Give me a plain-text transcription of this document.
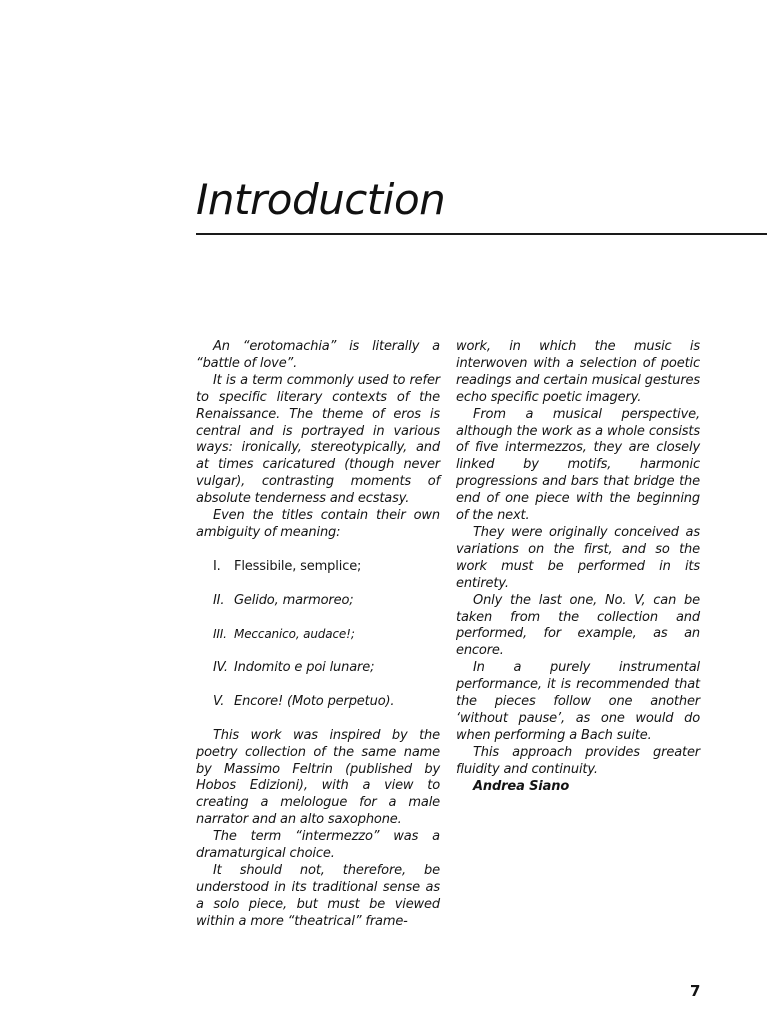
Introduction

An “erotomachia” is literally a “battle of love”.

It is a term commonly used to refer to specific literary contexts of the Renaissance. The theme of eros is central and is portrayed in various ways: ironically, stereotypically, and at times caricatured (though never vulgar), contrasting moments of absolute tenderness and ecstasy.

Even the titles contain their own ambiguity of meaning:

I.	Flessibile, semplice;
II. Gelido, marmoreo;
III. Meccanico, audace!;
IV. Indomito e poi lunare;
V. Encore! (Moto perpetuo).

This work was inspired by the poetry collection of the same name by Massimo Feltrin (published by Hobos Edizioni), with a view to creating a melologue for a male narrator and an alto saxophone.

The term “intermezzo” was a dramaturgical choice.

It should not, therefore, be understood in its traditional sense as a solo piece, but must be viewed within a more “theatrical” frame-

work, in which the music is interwoven with a selection of poetic readings and certain musical gestures echo specific poetic imagery.

From a musical perspective, although the work as a whole consists of five intermezzos, they are closely linked by motifs, harmonic progressions and bars that bridge the end of one piece with the beginning of the next.

They were originally conceived as variations on the first, and so the work must be performed in its entirety.

Only the last one, No. V, can be taken from the collection and performed, for example, as an encore.

In a purely instrumental performance, it is recommended that the pieces follow one another ‘without pause’, as one would do when performing a Bach suite.

This approach provides greater fluidity and continuity.

Andrea Siano

7
